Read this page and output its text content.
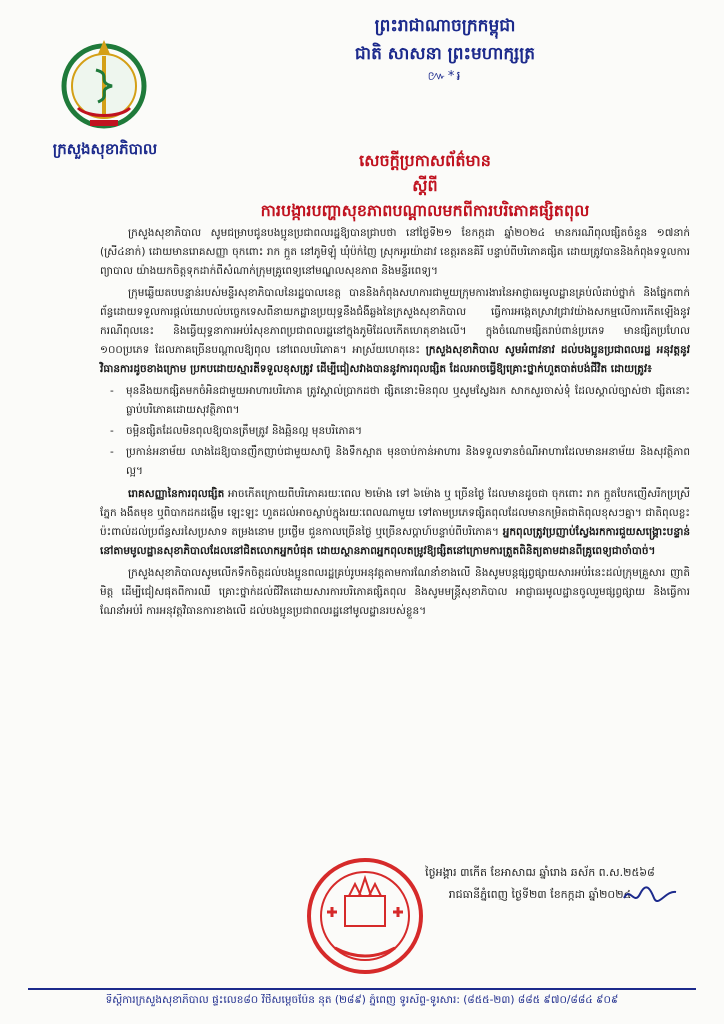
ក្រសួងសុខាភិបាល
ព្រះរាជាណាចក្រកម្ពុជា
ជាតិ សាសនា ព្រះមហាក្សត្រ
៚*៛
សេចក្តីប្រកាសព័ត៌មាន
ស្តីពី
ការបង្ការបញ្ហាសុខភាពបណ្តាលមកពីការបរិភោគផ្សិតពុល

ក្រសួងសុខាភិបាល សូមជម្រាបជូនបងប្អូនប្រជាពលរដ្ឋឱ្យបានជ្រាបថា នៅថ្ងៃទី២១ ខែកក្កដា ឆ្នាំ២០២៤ មានករណីពុលផ្សិតចំនួន ១៧នាក់ (ស្រី៤នាក់) ដោយមានរោគសញ្ញា ចុកពោះ រាក ក្អួត នៅភូមិឡុំ ឃុំប៉ក់ញៃ ស្រុកអូរយ៉ាដាវ ខេត្តរតនគិរី បន្ទាប់ពីបរិភោគផ្សិត ដោយត្រូវបាននិងកំពុងទទួលការព្យាបាល យ៉ាងយកចិត្តទុកដាក់ពីសំណាក់ក្រុមគ្រូពេទ្យនៅមណ្ឌលសុខភាព និងមន្ទីរពេទ្យ។

ក្រុមឆ្លើយតបបន្ទាន់របស់មន្ទីរសុខាភិបាលនៃរដ្ឋបាលខេត្ត បាននិងកំពុងសហការជាមួយក្រុមការងារនៃអាជ្ញាធរមូលដ្ឋានគ្រប់លំដាប់ថ្នាក់ និងផ្នែកពាក់ព័ន្ធដោយទទួលការផ្តល់យោបល់បច្ចេកទេសពីនាយកដ្ឋានប្រយុទ្ធនឹងជំងឺឆ្លងនៃក្រសួងសុខាភិបាល ធ្វើការអង្កេតស្រាវជ្រាវយ៉ាងសកម្មលើការកើតឡើងនូវករណីពុលនេះ និងធ្វើយុទ្ធនាការអប់រំសុខភាពប្រជាពលរដ្ឋនៅក្នុងភូមិដែលកើតហេតុខាងលើ។ ក្នុងចំណោមផ្សិតរាប់ពាន់ប្រភេទ មានផ្សិតប្រហែល ១០០ប្រភេទ ដែលភាគច្រើនបណ្តាលឱ្យពុល នៅពេលបរិភោគ។ អាស្រ័យហេតុនេះ ក្រសួងសុខាភិបាល សូមអំពាវនាវ ដល់បងប្អូនប្រជាពលរដ្ឋ អនុវត្តនូវវិធានការដូចខាងក្រោម ប្រកបដោយស្មារតីទទួលខុសត្រូវ ដើម្បីជៀសវាងបាននូវការពុលផ្សិត ដែលអាចធ្វើឱ្យគ្រោះថ្នាក់ហួតបាត់បង់ជីវិត ដោយត្រូវ៖

- មុននឹងយកផ្សិតមកចំអិនជាមួយអាហារបរិភោគ ត្រូវស្គាល់ប្រាកដថា ផ្សិតនោះមិនពុល ឬសូមស្វែងរក សាកសួរចាស់ទុំ ដែលស្គាល់ច្បាស់ថា ផ្សិតនោះធ្លាប់បរិភោគដោយសុវត្ថិភាព។
- ចម្អិនផ្សិតដែលមិនពុលឱ្យបានត្រឹមត្រូវ និងឆ្អិនល្អ មុនបរិភោគ។
- ប្រកាន់អនាម័យ លាងដៃឱ្យបានញឹកញាប់ជាមួយសាប៊ូ និងទឹកស្អាត មុនចាប់កាន់អាហារ និងទទួលទានចំណីអាហារដែលមានអនាម័យ និងសុវត្ថិភាពល្អ។

រោគសញ្ញានៃការពុលផ្សិត អាចកើតក្រោយពីបរិភោគរយៈពេល ២ម៉ោង ទៅ ៦ម៉ោង ឬ ច្រើនថ្ងៃ ដែលមានដូចជា ចុកពោះ រាក ក្អួតបែកញើសរីកប្រស្រីភ្នែក ងងឹតមុខ ឬពិបាកដកដង្ហើម ឡេះឡះ ហួតដល់អាចស្លាប់ក្នុងរយៈពេលណាមួយ ទៅតាមប្រភេទផ្សិតពុលដែលមានកម្រិតជាតិពុលខុសៗគ្នា។ ជាតិពុលខ្លះ ប៉ះពាល់ដល់ប្រព័ន្ធសរសៃប្រសាទ តម្រងនោម ប្រថ្លើម ជួនកាលច្រើនថ្ងៃ ឬច្រើនសប្តាហ៍បន្ទាប់ពីបរិភោគ។ អ្នកពុលត្រូវប្រញាប់ស្វែងរកការជួយសង្គ្រោះបន្ទាន់នៅតាមមូលដ្ឋានសុខាភិបាលដែលនៅជិតលោកអ្នកបំផុត ដោយស្ថានភាពអ្នកពុលតម្រូវឱ្យផ្សិតនៅក្រោមការត្រួតពិនិត្យតាមដានពីគ្រូពេទ្យជាចាំបាច់។

ក្រសួងសុខាភិបាលសូមលើកទឹកចិត្តដល់បងប្អូនពលរដ្ឋគ្រប់រូបអនុវត្តតាមការណែនាំខាងលើ និងសូមបន្តផ្សព្វផ្សាយសារអប់រំនេះដល់ក្រុមគ្រួសារ ញាតិមិត្ត ដើម្បីជៀសផុតពីការឈឺ គ្រោះថ្នាក់ដល់ជីវិតដោយសារការបរិភោគផ្សិតពុល និងសូមមន្ត្រីសុខាភិបាល អាជ្ញាធរមូលដ្ឋានចូលរួមផ្សព្វផ្សាយ និងធ្វើការណែនាំអប់រំ ការអនុវត្តវិធានការខាងលើ ដល់បងប្អូនប្រជាពលរដ្ឋនៅមូលដ្ឋានរបស់ខ្លួន។

ថ្ងៃអង្គារ ៣កើត ខែអាសាឍ ឆ្នាំរោង ឆស័ក ព.ស.២៥៦៨
រាជធានីភ្នំពេញ ថ្ងៃទី២៣ ខែកក្កដា ឆ្នាំ២០២៤
ទីស្តីការក្រសួងសុខាភិបាល ផ្ទះលេខ៨០ វិថីសម្តេចប៉ែន នុត (២៨៩) ភ្នំពេញ ទូរស័ព្ទ-ទូរសារ: (៨៥៥-២៣) ៨៨៥ ៩៧០/៨៨៤ ៩០៩
